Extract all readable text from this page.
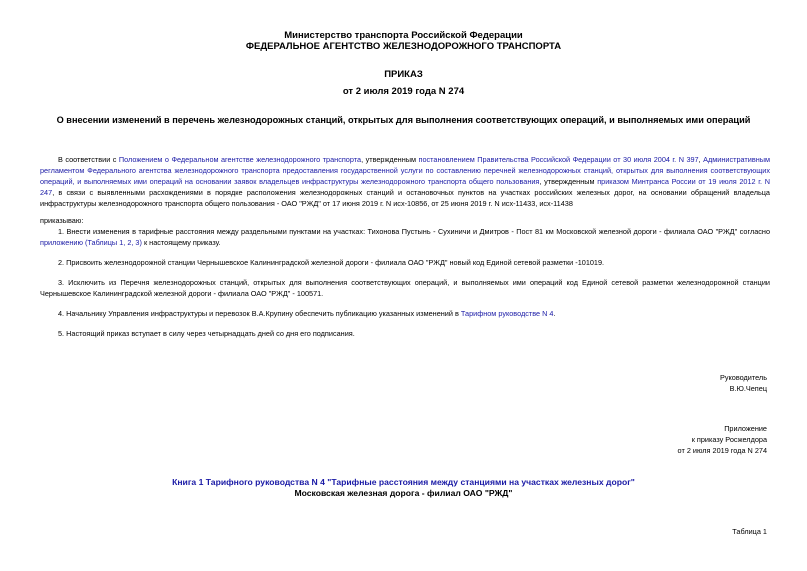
Министерство транспорта Российской Федерации
ФЕДЕРАЛЬНОЕ АГЕНТСТВО ЖЕЛЕЗНОДОРОЖНОГО ТРАНСПОРТА
ПРИКАЗ
от 2 июля 2019 года N 274
О внесении изменений в перечень железнодорожных станций, открытых для выполнения соответствующих операций, и выполняемых ими операций
В соответствии с Положением о Федеральном агентстве железнодорожного транспорта, утвержденным постановлением Правительства Российской Федерации от 30 июля 2004 г. N 397, Административным регламентом Федерального агентства железнодорожного транспорта предоставления государственной услуги по составлению перечней железнодорожных станций, открытых для выполнения соответствующих операций, и выполняемых ими операций на основании заявок владельцев инфраструктуры железнодорожного транспорта общего пользования, утвержденным приказом Минтранса России от 19 июля 2012 г. N 247, в связи с выявленными расхождениями в порядке расположения железнодорожных станций и остановочных пунктов на участках российских железных дорог, на основании обращений владельца инфраструктуры железнодорожного транспорта общего пользования - ОАО "РЖД" от 17 июня 2019 г. N исх-10856, от 25 июня 2019 г. N исх-11433, исх-11438
приказываю:
1. Внести изменения в тарифные расстояния между раздельными пунктами на участках: Тихонова Пустынь - Сухиничи и Дмитров - Пост 81 км Московской железной дороги - филиала ОАО "РЖД" согласно приложению (Таблицы 1, 2, 3) к настоящему приказу.
2. Присвоить железнодорожной станции Чернышевское Калининградской железной дороги - филиала ОАО "РЖД" новый код Единой сетевой разметки -101019.
3. Исключить из Перечня железнодорожных станций, открытых для выполнения соответствующих операций, и выполняемых ими операций код Единой сетевой разметки железнодорожной станции Чернышевское Калининградской железной дороги - филиала ОАО "РЖД" - 100571.
4. Начальнику Управления инфраструктуры и перевозок В.А.Крупину обеспечить публикацию указанных изменений в Тарифном руководстве N 4.
5. Настоящий приказ вступает в силу через четырнадцать дней со дня его подписания.
Руководитель
В.Ю.Чепец
Приложение
к приказу Росжелдора
от 2 июля 2019 года N 274
Книга 1 Тарифного руководства N 4 "Тарифные расстояния между станциями на участках железных дорог"
Московская железная дорога - филиал ОАО "РЖД"
Таблица 1
